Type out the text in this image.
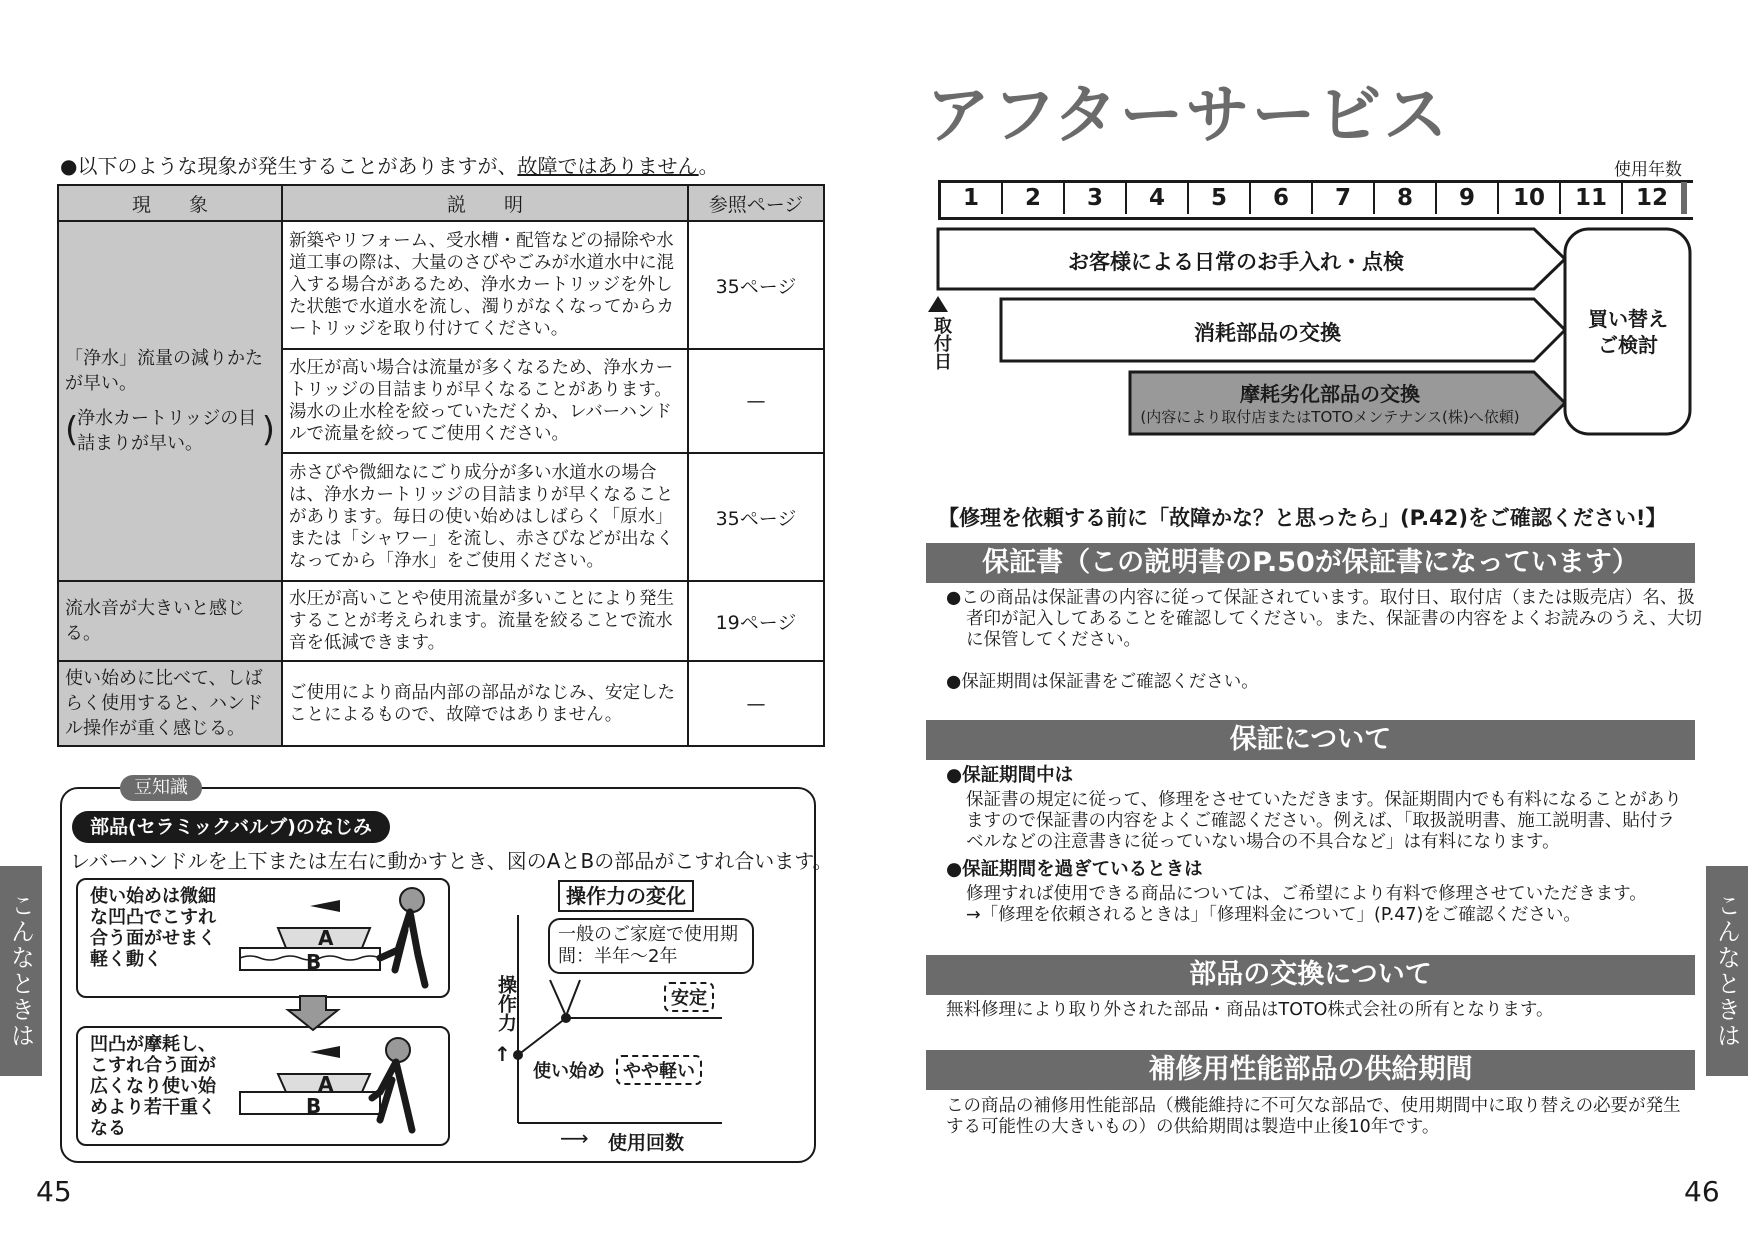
●以下のような現象が発生することがありますが、故障ではありません。
現　　象	説　　明	参照ページ

「浄水」流量の減りかたが早い。
(
浄水カートリッジの目詰まりが早い。 )	新築やリフォーム、受水槽・配管などの掃除や水道工事の際は、大量のさびやごみが水道水中に混入する場合があるため、浄水カートリッジを外した状態で水道水を流し、濁りがなくなってからカートリッジを取り付けてください。	35ページ
	水圧が高い場合は流量が多くなるため、浄水カートリッジの目詰まりが早くなることがあります。湯水の止水栓を絞っていただくか、レバーハンドルで流量を絞ってご使用ください。	—
	赤さびや微細なにごり成分が多い水道水の場合は、浄水カートリッジの目詰まりが早くなることがあります。毎日の使い始めはしばらく「原水」または「シャワー」を流し、赤さびなどが出なくなってから「浄水」をご使用ください。	35ページ
流水音が大きいと感じる。	水圧が高いことや使用流量が多いことにより発生することが考えられます。流量を絞ることで流水音を低減できます。	19ページ
使い始めに比べて、しばらく使用すると、ハンドル操作が重く感じる。	ご使用により商品内部の部品がなじみ、安定したことによるもので、故障ではありません。	—
豆知識
部品(セラミックバルブ)のなじみ
レバーハンドルを上下または左右に動かすとき、図のAとBの部品がこすれ合います。
使い始めは微細な凹凸でこすれ合う面がせまく軽く動く
凹凸が摩耗し、こすれ合う面が広くなり使い始めより若干重くなる
操作力の変化
一般のご家庭で使用期間：半年〜2年
安定
使い始め	やや軽い
操作力
↑
⟶ 使用回数
A
B
A
B
こんなときは
45
アフターサービス
使用年数
1	2	3	4	5	6	7	8	9	10	11	12
お客様による日常のお手入れ・点検
消耗部品の交換
摩耗劣化部品の交換
(内容により取付店またはTOTOメンテナンス(株)へ依頼)
取付日	買い替えご検討
【修理を依頼する前に「故障かな？と思ったら」(P.42)をご確認ください!】
保証書（この説明書のP.50が保証書になっています）
●この商品は保証書の内容に従って保証されています。取付日、取付店（または販売店）名、扱者印が記入してあることを確認してください。また、保証書の内容をよくお読みのうえ、大切に保管してください。
●保証期間は保証書をご確認ください。
保証について
●保証期間中は
保証書の規定に従って、修理をさせていただきます。保証期間内でも有料になることがありますので保証書の内容をよくご確認ください。例えば、「取扱説明書、施工説明書、貼付ラベルなどの注意書きに従っていない場合の不具合など」は有料になります。
●保証期間を過ぎているときは
修理すれば使用できる商品については、ご希望により有料で修理させていただきます。
→「修理を依頼されるときは」「修理料金について」(P.47)をご確認ください。
部品の交換について
無料修理により取り外された部品・商品はTOTO株式会社の所有となります。
補修用性能部品の供給期間
この商品の補修用性能部品（機能維持に不可欠な部品で、使用期間中に取り替えの必要が発生する可能性の大きいもの）の供給期間は製造中止後10年です。
こんなときは
46
